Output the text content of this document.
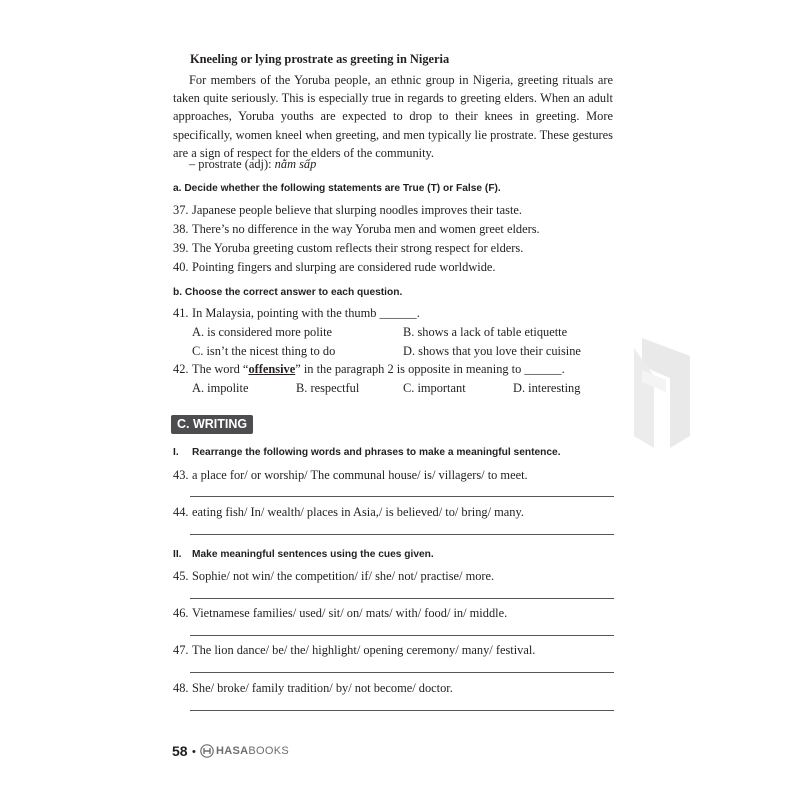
Kneeling or lying prostrate as greeting in Nigeria
For members of the Yoruba people, an ethnic group in Nigeria, greeting rituals are taken quite seriously. This is especially true in regards to greeting elders. When an adult approaches, Yoruba youths are expected to drop to their knees in greeting. More specifically, women kneel when greeting, and men typically lie prostrate. These gestures are a sign of respect for the elders of the community.
– prostrate (adj): nằm sấp
a. Decide whether the following statements are True (T) or False (F).
37. Japanese people believe that slurping noodles improves their taste.
38. There’s no difference in the way Yoruba men and women greet elders.
39. The Yoruba greeting custom reflects their strong respect for elders.
40. Pointing fingers and slurping are considered rude worldwide.
b. Choose the correct answer to each question.
41. In Malaysia, pointing with the thumb ______.
A. is considered more polite	B. shows a lack of table etiquette
C. isn’t the nicest thing to do	D. shows that you love their cuisine
42. The word “offensive” in the paragraph 2 is opposite in meaning to ______.
A. impolite	B. respectful	C. important	D. interesting
C. WRITING
I. Rearrange the following words and phrases to make a meaningful sentence.
43. a place for/ or worship/ The communal house/ is/ villagers/ to meet.
44. eating fish/ In/ wealth/ places in Asia,/ is believed/ to/ bring/ many.
II. Make meaningful sentences using the cues given.
45. Sophie/ not win/ the competition/ if/ she/ not/ practise/ more.
46. Vietnamese families/ used/ sit/ on/ mats/ with/ food/ in/ middle.
47. The lion dance/ be/ the/ highlight/ opening ceremony/ many/ festival.
48. She/ broke/ family tradition/ by/ not become/ doctor.
58 • HASABOOKS
